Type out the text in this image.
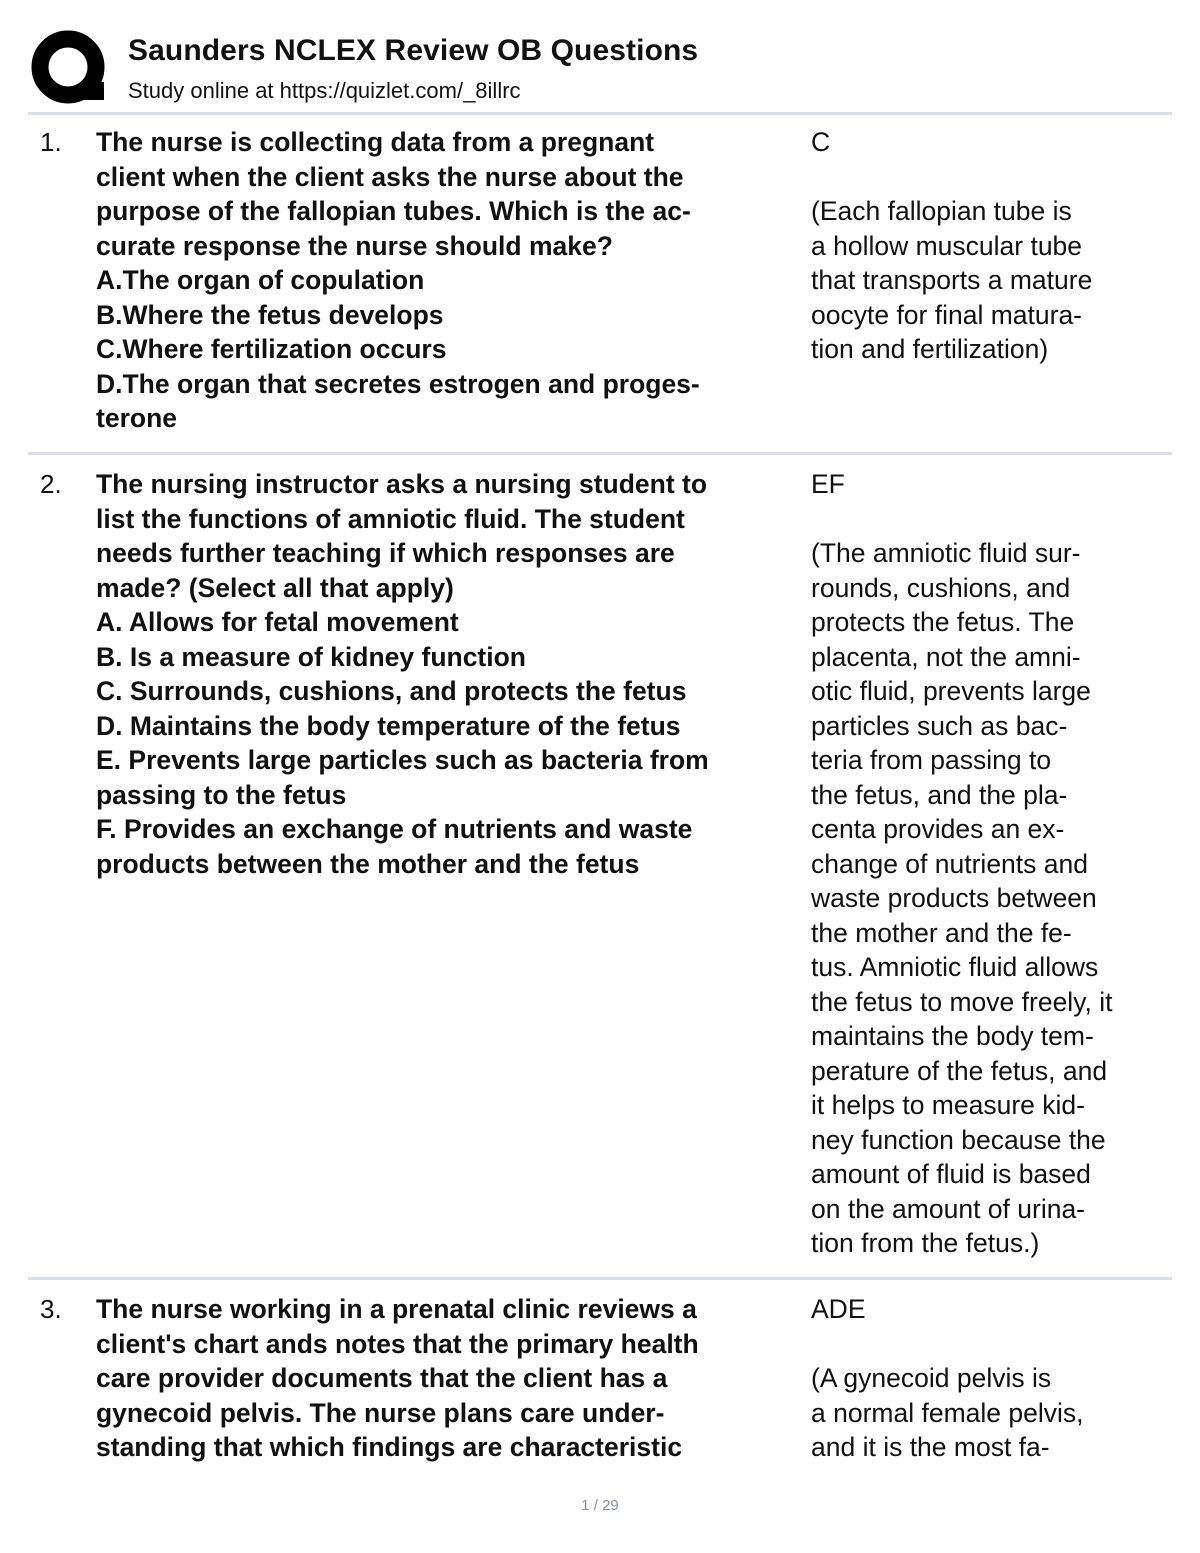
Saunders NCLEX Review OB Questions
Study online at https://quizlet.com/_8illrc
1. The nurse is collecting data from a pregnant
client when the client asks the nurse about the
purpose of the fallopian tubes. Which is the ac-
curate response the nurse should make?
A.The organ of copulation
B.Where the fetus develops
C.Where fertilization occurs
D.The organ that secretes estrogen and proges-
terone
C
(Each fallopian tube is
a hollow muscular tube
that transports a mature
oocyte for final matura-
tion and fertilization)
2. The nursing instructor asks a nursing student to
list the functions of amniotic fluid. The student
needs further teaching if which responses are
made? (Select all that apply)
A. Allows for fetal movement
B. Is a measure of kidney function
C. Surrounds, cushions, and protects the fetus
D. Maintains the body temperature of the fetus
E. Prevents large particles such as bacteria from
passing to the fetus
F. Provides an exchange of nutrients and waste
products between the mother and the fetus
EF
(The amniotic fluid sur-
rounds, cushions, and
protects the fetus. The
placenta, not the amni-
otic fluid, prevents large
particles such as bac-
teria from passing to
the fetus, and the pla-
centa provides an ex-
change of nutrients and
waste products between
the mother and the fe-
tus. Amniotic fluid allows
the fetus to move freely, it
maintains the body tem-
perature of the fetus, and
it helps to measure kid-
ney function because the
amount of fluid is based
on the amount of urina-
tion from the fetus.)
3. The nurse working in a prenatal clinic reviews a
client's chart ands notes that the primary health
care provider documents that the client has a
gynecoid pelvis. The nurse plans care under-
standing that which findings are characteristic
ADE
(A gynecoid pelvis is
a normal female pelvis,
and it is the most fa-
1 / 29
